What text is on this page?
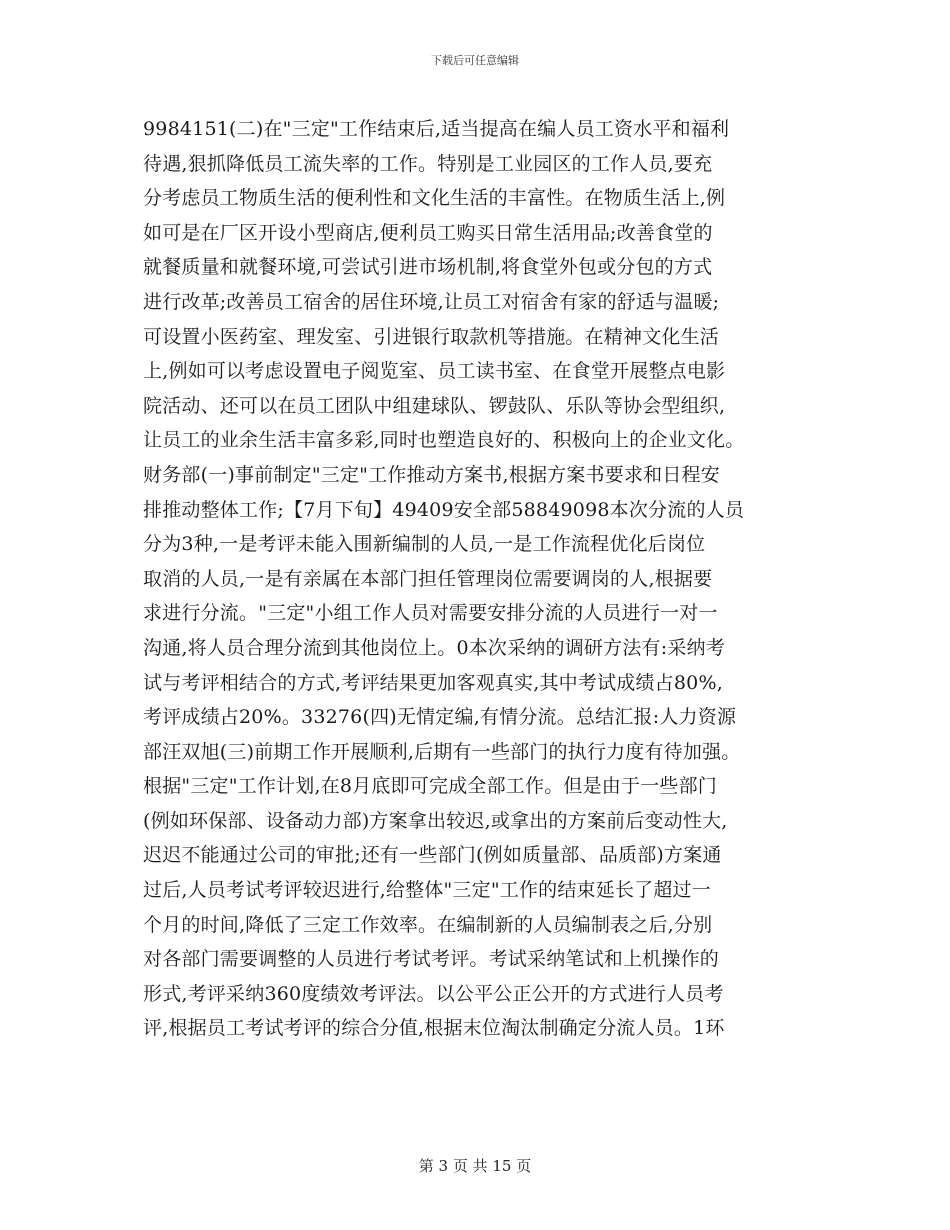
下载后可任意编辑
9984151(二)在"三定"工作结束后,适当提高在编人员工资水平和福利
待遇,狠抓降低员工流失率的工作。特别是工业园区的工作人员,要充
分考虑员工物质生活的便利性和文化生活的丰富性。在物质生活上,例
如可是在厂区开设小型商店,便利员工购买日常生活用品;改善食堂的
就餐质量和就餐环境,可尝试引进市场机制,将食堂外包或分包的方式
进行改革;改善员工宿舍的居住环境,让员工对宿舍有家的舒适与温暖;
可设置小医药室、理发室、引进银行取款机等措施。在精神文化生活
上,例如可以考虑设置电子阅览室、员工读书室、在食堂开展整点电影
院活动、还可以在员工团队中组建球队、锣鼓队、乐队等协会型组织,
让员工的业余生活丰富多彩,同时也塑造良好的、积极向上的企业文化。
财务部(一)事前制定"三定"工作推动方案书,根据方案书要求和日程安
排推动整体工作;【7月下旬】49409安全部58849098本次分流的人员
分为3种,一是考评未能入围新编制的人员,一是工作流程优化后岗位
取消的人员,一是有亲属在本部门担任管理岗位需要调岗的人,根据要
求进行分流。"三定"小组工作人员对需要安排分流的人员进行一对一
沟通,将人员合理分流到其他岗位上。0本次采纳的调研方法有:采纳考
试与考评相结合的方式,考评结果更加客观真实,其中考试成绩占80%,
考评成绩占20%。33276(四)无情定编,有情分流。总结汇报:人力资源
部汪双旭(三)前期工作开展顺利,后期有一些部门的执行力度有待加强。
根据"三定"工作计划,在8月底即可完成全部工作。但是由于一些部门
(例如环保部、设备动力部)方案拿出较迟,或拿出的方案前后变动性大,
迟迟不能通过公司的审批;还有一些部门(例如质量部、品质部)方案通
过后,人员考试考评较迟进行,给整体"三定"工作的结束延长了超过一
个月的时间,降低了三定工作效率。在编制新的人员编制表之后,分别
对各部门需要调整的人员进行考试考评。考试采纳笔试和上机操作的
形式,考评采纳360度绩效考评法。以公平公正公开的方式进行人员考
评,根据员工考试考评的综合分值,根据末位淘汰制确定分流人员。1环
第 3 页 共 15 页
